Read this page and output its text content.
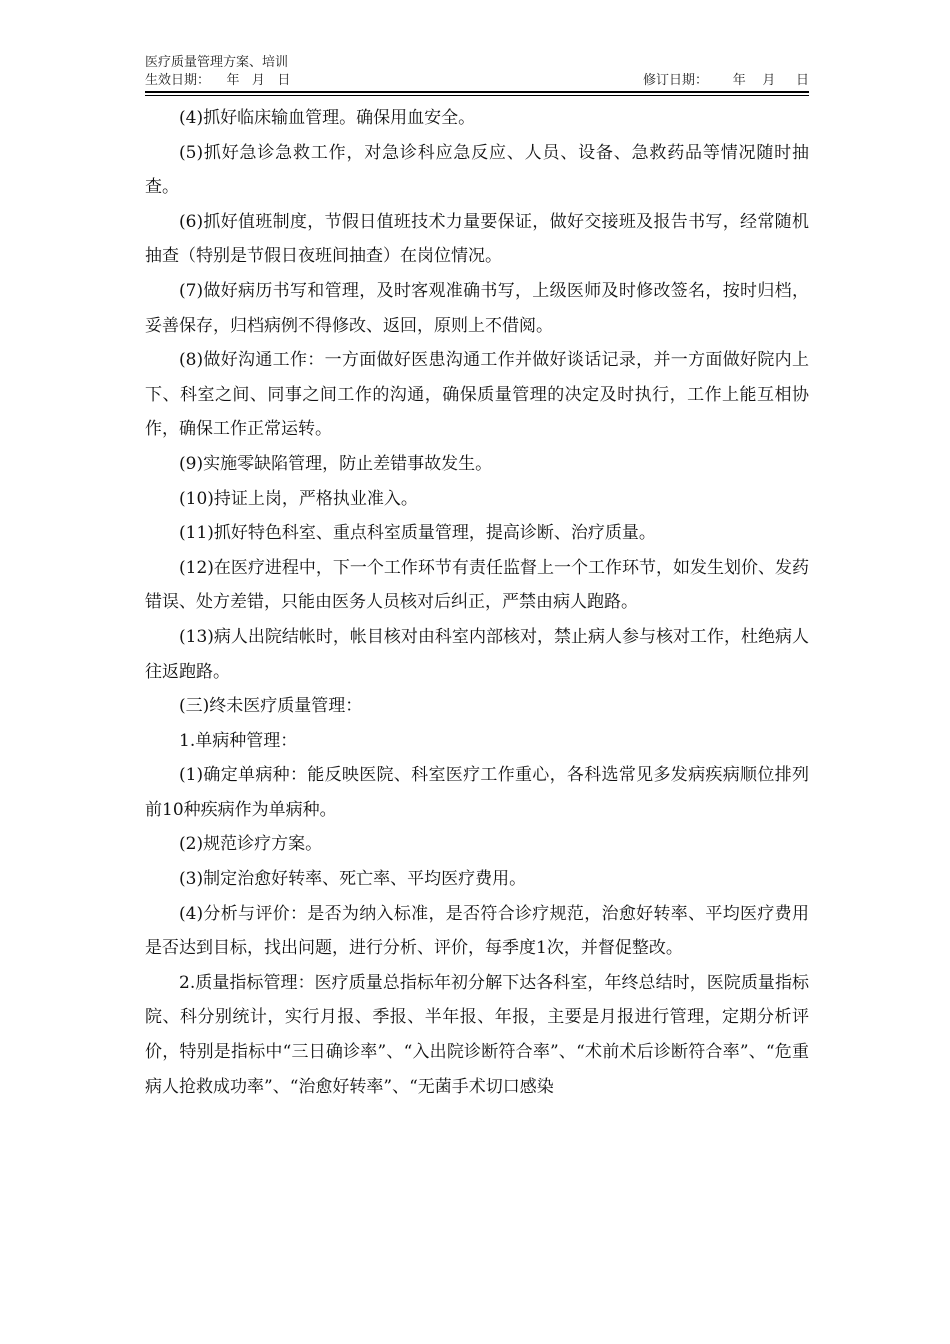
医疗质量管理方案、培训
生效日期：    年   月   日	修订日期：      年    月     日

(4)抓好临床输血管理。确保用血安全。

(5)抓好急诊急救工作，对急诊科应急反应、人员、设备、急救药品等情况随时抽查。

(6)抓好值班制度，节假日值班技术力量要保证，做好交接班及报告书写，经常随机抽查（特别是节假日夜班间抽查）在岗位情况。

(7)做好病历书写和管理，及时客观准确书写，上级医师及时修改签名，按时归档，妥善保存，归档病例不得修改、返回，原则上不借阅。

(8)做好沟通工作：一方面做好医患沟通工作并做好谈话记录，并一方面做好院内上下、科室之间、同事之间工作的沟通，确保质量管理的决定及时执行，工作上能互相协作，确保工作正常运转。

(9)实施零缺陷管理，防止差错事故发生。

(10)持证上岗，严格执业准入。

(11)抓好特色科室、重点科室质量管理，提高诊断、治疗质量。

(12)在医疗进程中，下一个工作环节有责任监督上一个工作环节，如发生划价、发药错误、处方差错，只能由医务人员核对后纠正，严禁由病人跑路。

(13)病人出院结帐时，帐目核对由科室内部核对，禁止病人参与核对工作，杜绝病人往返跑路。

(三)终未医疗质量管理：

1.单病种管理：

(1)确定单病种：能反映医院、科室医疗工作重心，各科选常见多发病疾病顺位排列前10种疾病作为单病种。

(2)规范诊疗方案。

(3)制定治愈好转率、死亡率、平均医疗费用。

(4)分析与评价：是否为纳入标准，是否符合诊疗规范，治愈好转率、平均医疗费用是否达到目标，找出问题，进行分析、评价，每季度1次，并督促整改。

2.质量指标管理：医疗质量总指标年初分解下达各科室，年终总结时，医院质量指标院、科分别统计，实行月报、季报、半年报、年报，主要是月报进行管理，定期分析评价，特别是指标中“三日确诊率”、“入出院诊断符合率”、“术前术后诊断符合率”、“危重病人抢救成功率”、“治愈好转率”、“无菌手术切口感染
